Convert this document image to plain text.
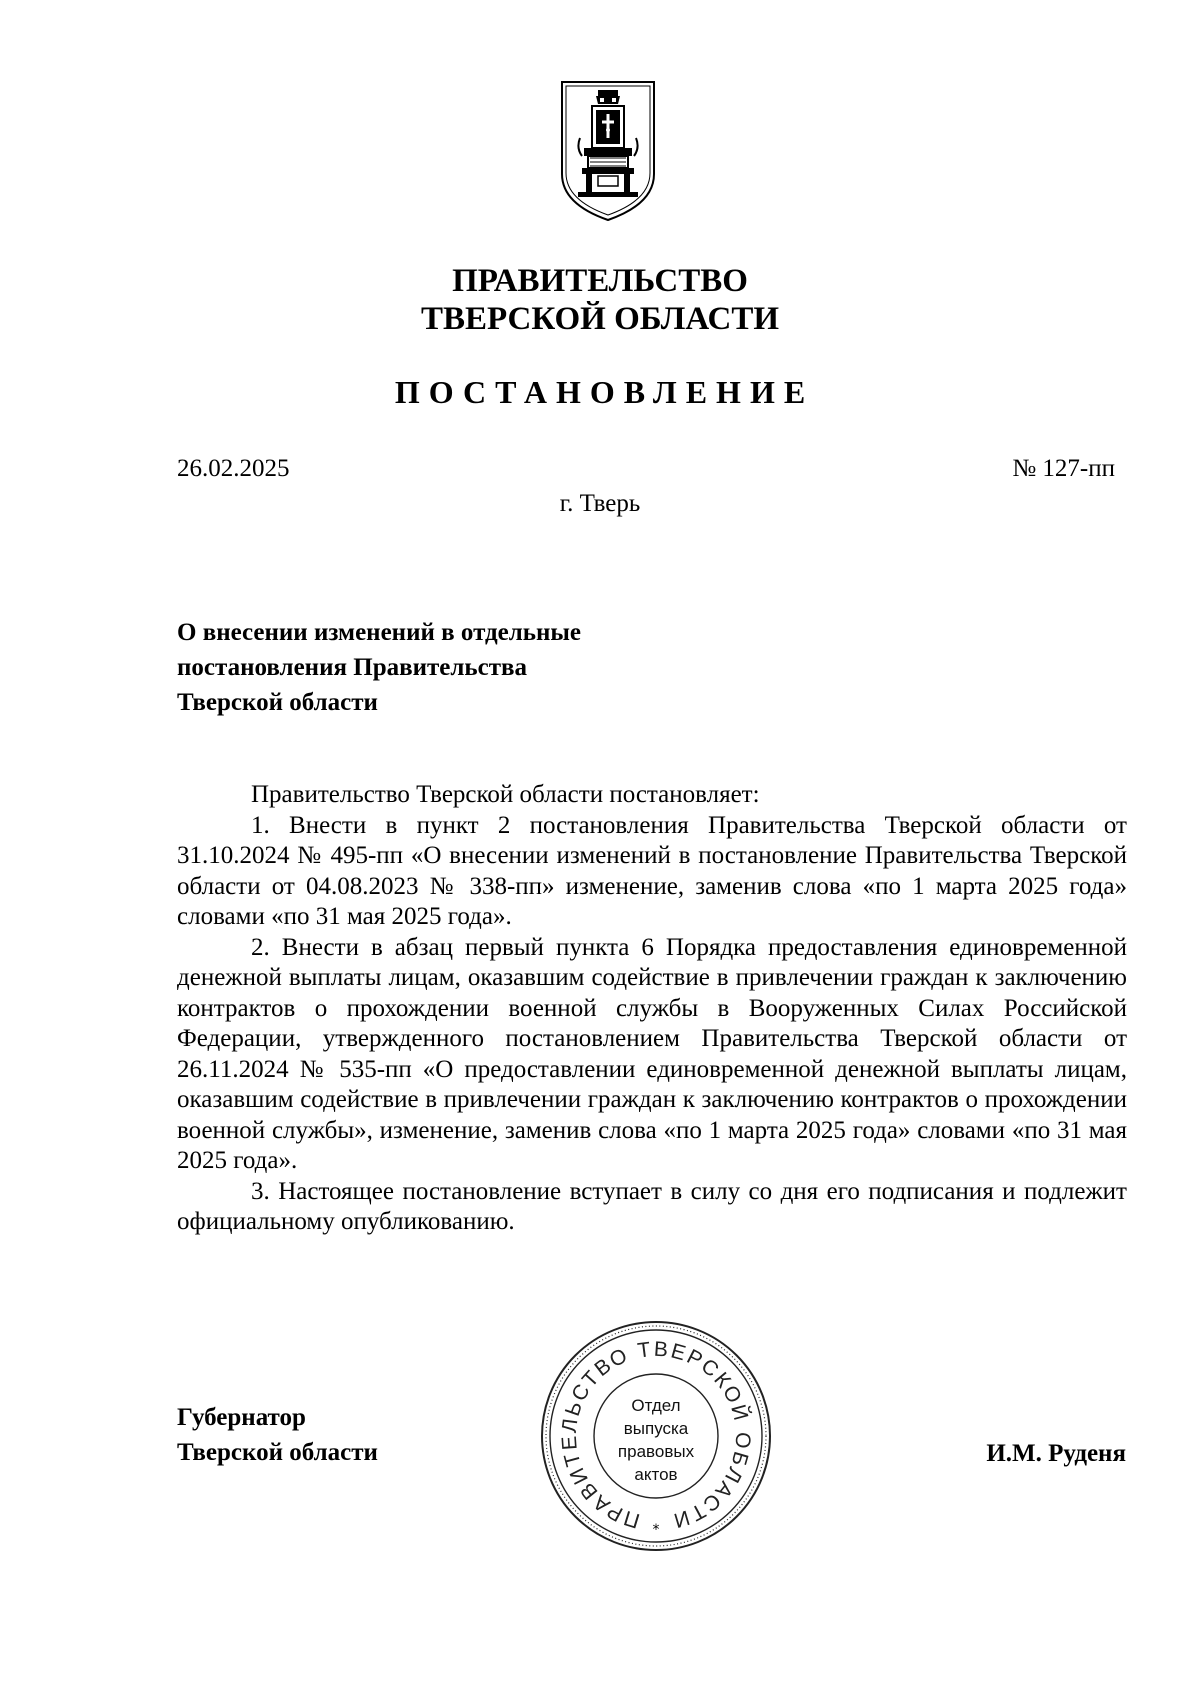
ПРАВИТЕЛЬСТВО
ТВЕРСКОЙ ОБЛАСТИ
ПОСТАНОВЛЕНИЕ
26.02.2025	№ 127-пп
г. Тверь
О внесении изменений в отдельные
постановления Правительства
Тверской области

Правительство Тверской области постановляет:

1. Внести в пункт 2 постановления Правительства Тверской области от 31.10.2024 № 495-пп «О внесении изменений в постановление Правительства Тверской области от 04.08.2023 № 338-пп» изменение, заменив слова «по 1 марта 2025 года» словами «по 31 мая 2025 года».

2. Внести в абзац первый пункта 6 Порядка предоставления единовременной денежной выплаты лицам, оказавшим содействие в привлечении граждан к заключению контрактов о прохождении военной службы в Вооруженных Силах Российской Федерации, утвержденного постановлением Правительства Тверской области от 26.11.2024 № 535-пп «О предоставлении единовременной денежной выплаты лицам, оказавшим содействие в привлечении граждан к заключению контрактов о прохождении военной службы», изменение, заменив слова «по 1 марта 2025 года» словами «по 31 мая 2025 года».

3. Настоящее постановление вступает в силу со дня его подписания и подлежит официальному опубликованию.

Губернатор
Тверской области
ПРАВИТЕЛЬСТВО ТВЕРСКОЙ ОБЛАСТИ
Отдел
выпуска
правовых
актов
*
И.М. Руденя
